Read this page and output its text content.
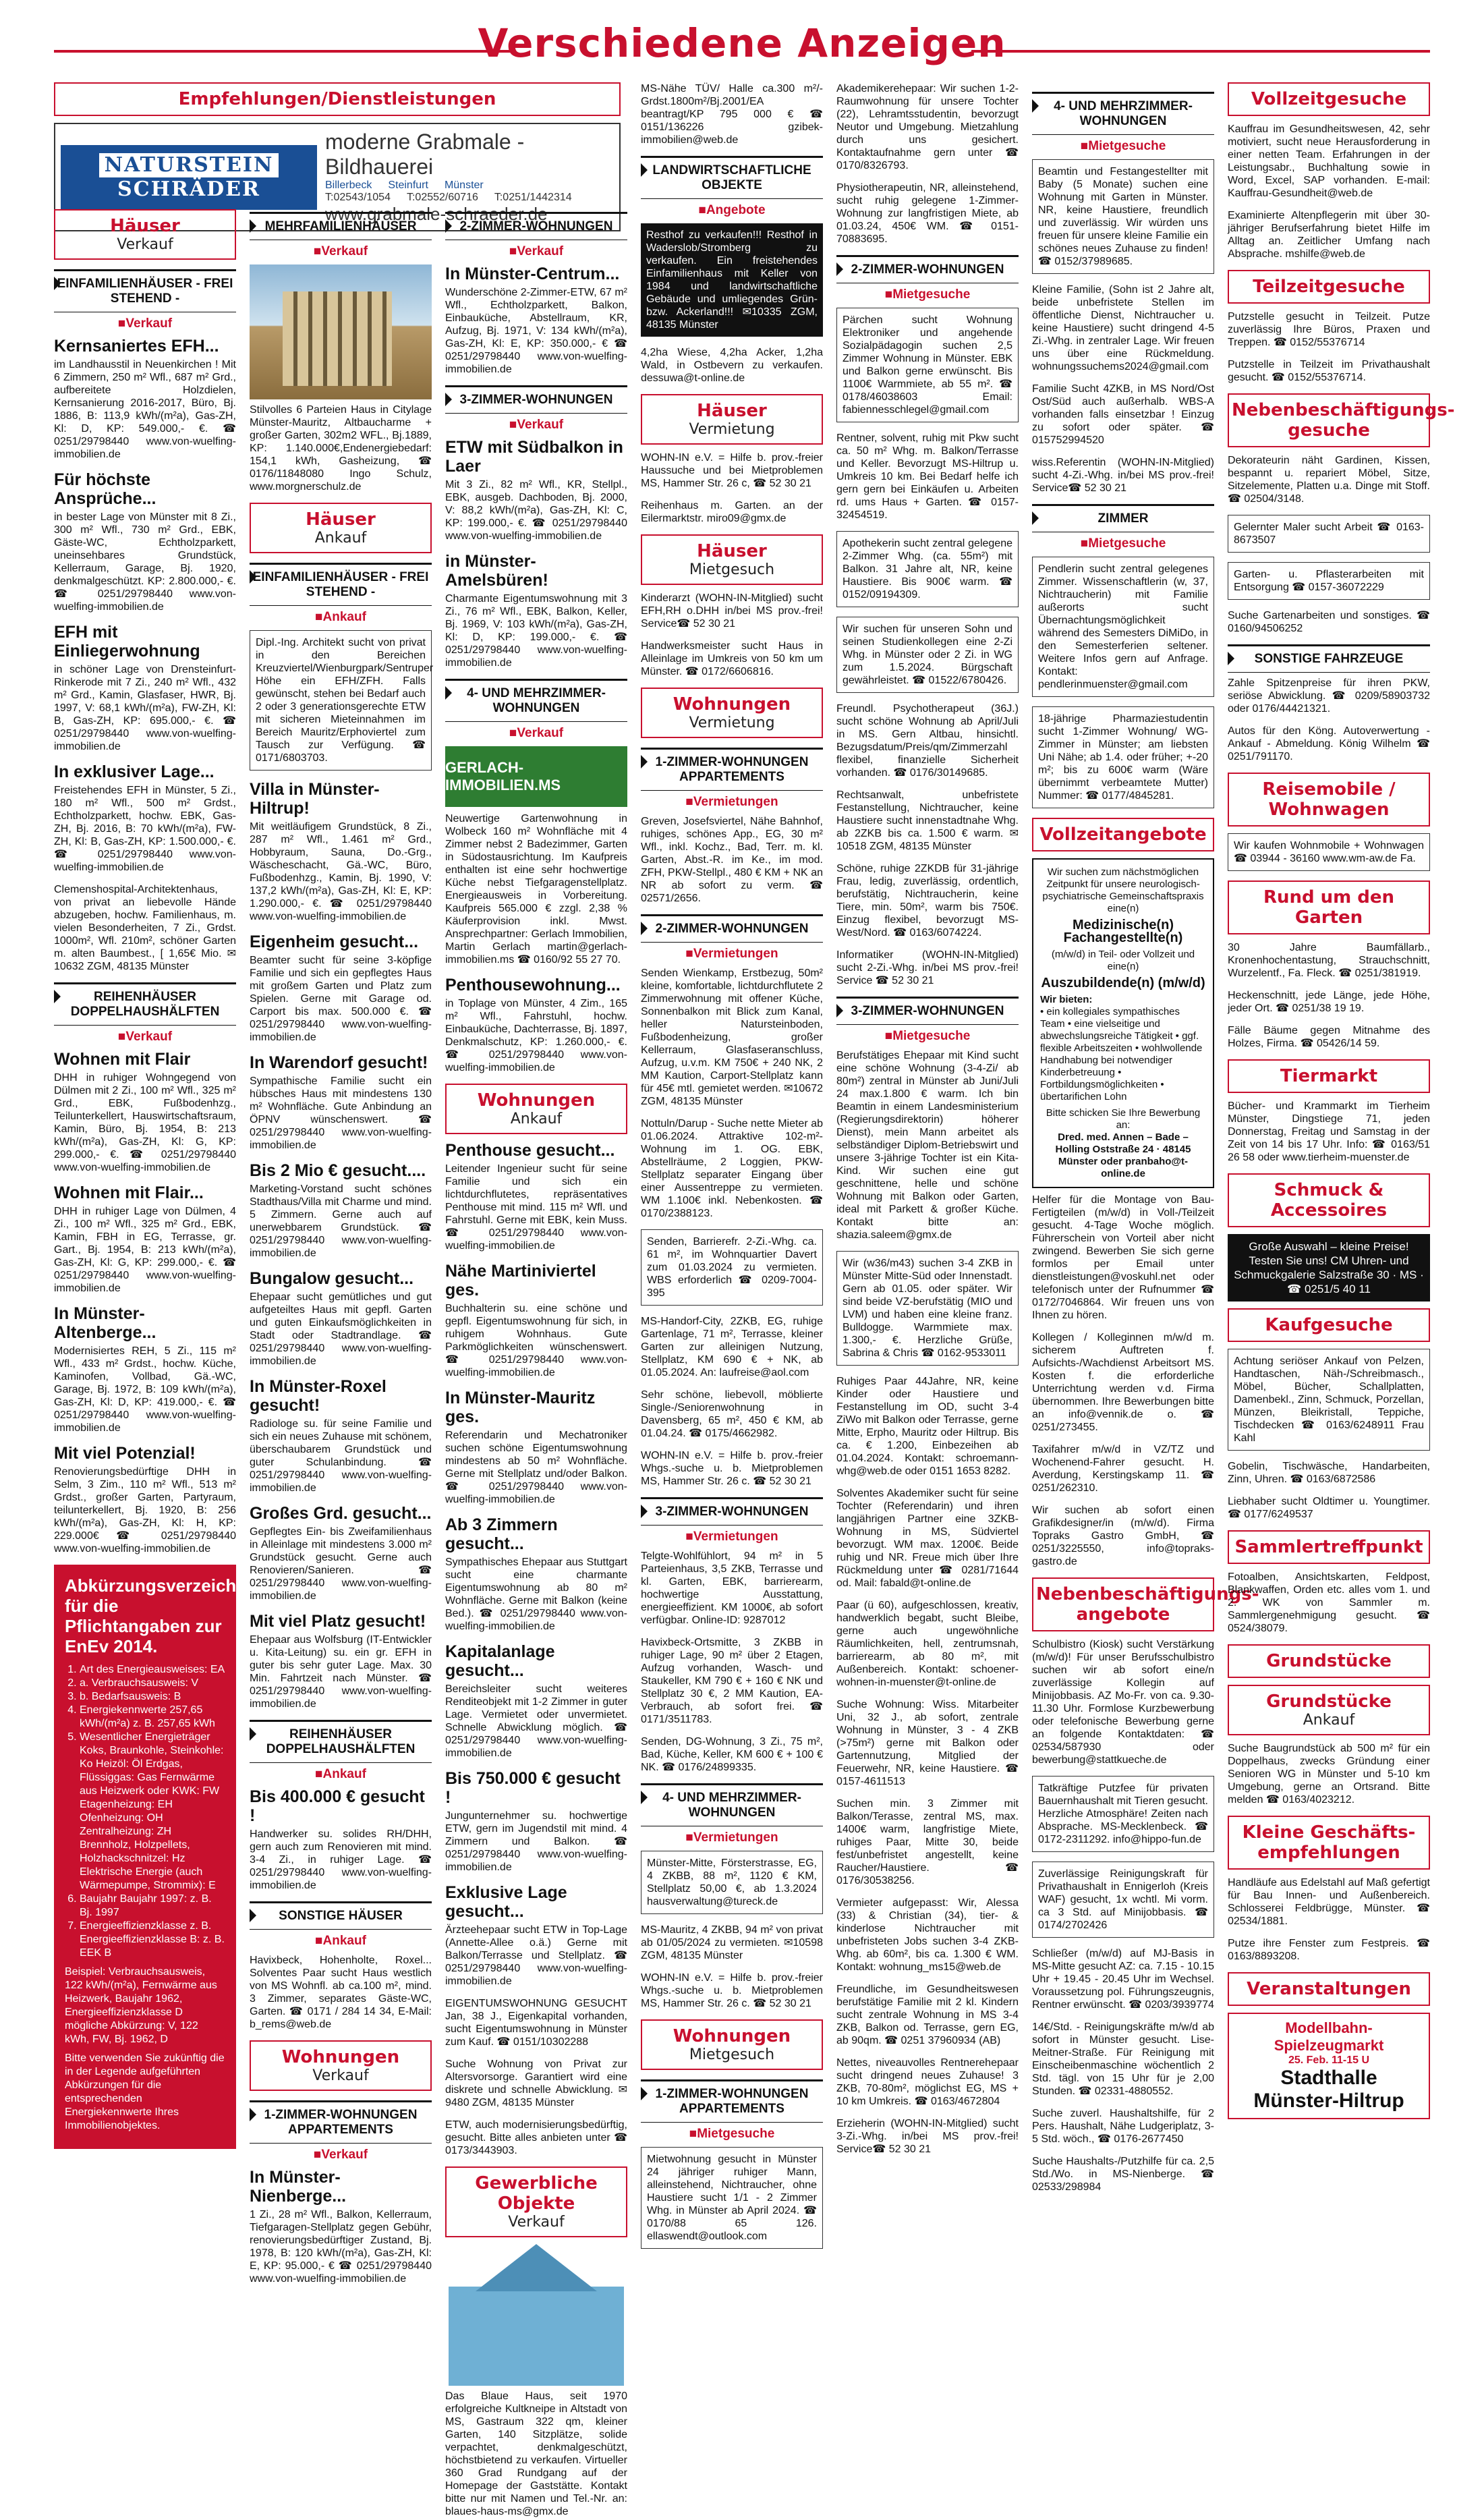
Verschiedene Anzeigen
Empfehlungen/Dienstleistungen
NATURSTEIN
SCHRÄDER
moderne Grabmale - Bildhauerei
Billerbeck Steinfurt Münster
T:02543/1054 T:02552/60716 T:0251/1442314
www.grabmale-schraeder.de
Häuser
Verkauf
EINFAMILIENHÄUSER - FREI STEHEND -
■ Verkauf
Kernsaniertes EFH...

im Landhausstil in Neuenkirchen ! Mit 6 Zimmern, 250 m² Wfl., 687 m² Grd., aufbereitete Holzdielen, Kernsanierung 2016-2017, Büro, Bj. 1886, B: 113,9 kWh/(m²a), Gas-ZH, Kl: D, KP: 549.000,- €. ☎ 0251/29798440 www.von-wuelfing-immobilien.de

Für höchste Ansprüche...

in bester Lage von Münster mit 8 Zi., 300 m² Wfl., 730 m² Grd., EBK, Gäste-WC, Echtholzparkett, uneinsehbares Grundstück, Kellerraum, Garage, Bj. 1920, denkmalgeschützt. KP: 2.800.000,- €. ☎ 0251/29798440 www.von-wuelfing-immobilien.de

EFH mit Einliegerwohnung

in schöner Lage von Drensteinfurt-Rinkerode mit 7 Zi., 240 m² Wfl., 432 m² Grd., Kamin, Glasfaser, HWR, Bj. 1997, V: 68,1 kWh/(m²a), FW-ZH, Kl: B, Gas-ZH, KP: 695.000,- €. ☎ 0251/29798440 www.von-wuelfing-immobilien.de

In exklusiver Lage...

Freistehendes EFH in Münster, 5 Zi., 180 m² Wfl., 500 m² Grdst., Echtholzparkett, hochw. EBK, Gas-ZH, Bj. 2016, B: 70 kWh/(m²a), FW-ZH, Kl: B, Gas-ZH, KP: 1.500.000,- €. ☎ 0251/29798440 www.von-wuelfing-immobilien.de

Clemenshospital-Architektenhaus, von privat an liebevolle Hände abzugeben, hochw. Familienhaus, m. vielen Besonderheiten, 7 Zi., Grdst. 1000m², Wfl. 210m², schöner Garten m. alten Baumbest., [ 1,65€ Mio. ✉10632 ZGM, 48135 Münster

REIHENHÄUSER DOPPELHAUSHÄLFTEN
■ Verkauf
Wohnen mit Flair

DHH in ruhiger Wohngegend von Dülmen mit 2 Zi., 100 m² Wfl., 325 m² Grd., EBK, Fußbodenhzg., Teilunterkellert, Hauswirtschaftsraum, Kamin, Büro, Bj. 1954, B: 213 kWh/(m²a), Gas-ZH, Kl: G, KP: 299.000,- €. ☎ 0251/29798440 www.von-wuelfing-immobilien.de

Wohnen mit Flair...

DHH in ruhiger Lage von Dülmen, 4 Zi., 100 m² Wfl., 325 m² Grd., EBK, Kamin, FBH in EG, Terrasse, gr. Gart., Bj. 1954, B: 213 kWh/(m²a), Gas-ZH, Kl: G, KP: 299.000,- €. ☎ 0251/29798440 www.von-wuelfing-immobilien.de

In Münster-Altenberge...

Modernisiertes REH, 5 Zi., 115 m² Wfl., 433 m² Grdst., hochw. Küche, Kaminofen, Vollbad, Gä.-WC, Garage, Bj. 1972, B: 109 kWh/(m²a), Gas-ZH, Kl: D, KP: 419.000,- €. ☎ 0251/29798440 www.von-wuelfing-immobilien.de

Mit viel Potenzial!

Renovierungsbedürftige DHH in Selm, 3 Zim., 110 m² Wfl., 513 m² Grdst., großer Garten, Partyraum, teilunterkellert, Bj. 1920, B: 256 kWh/(m²a), Gas-ZH, Kl: H, KP: 229.000€ ☎ 0251/29798440 www.von-wuelfing-immobilien.de

Abkürzungsverzeichnis für die Pflichtangaben zur EnEv 2014.
1. Art des Energieausweises: EA
2. a. Verbrauchsausweis: V
3. b. Bedarfsausweis: B
4. Energiekennwerte 257,65 kWh/(m²a) z. B. 257,65 kWh
5. Wesentlicher Energieträger Koks, Braunkohle, Steinkohle: Ko Heizöl: Öl Erdgas, Flüssiggas: Gas Fernwärme aus Heizwerk oder KWK: FW Etagenheizung: EH Ofenheizung: OH Zentralheizung: ZH Brennholz, Holzpellets, Holzhackschnitzel: Hz Elektrische Energie (auch Wärmepumpe, Strommix): E
6. Baujahr Baujahr 1997: z. B. Bj. 1997
7. Energieeffizienzklasse z. B. Energieeffizienzklasse B: z. B. EEK B

Beispiel: Verbrauchsausweis, 122 kWh/(m²a), Fernwärme aus Heizwerk, Baujahr 1962, Energieeffizienzklasse D mögliche Abkürzung: V, 122 kWh, FW, Bj. 1962, D

Bitte verwenden Sie zukünftig die in der Legende aufgeführten Abkürzungen für die entsprechenden Energiekennwerte Ihres Immobilienobjektes.

MEHRFAMILIENHÄUSER
■ Verkauf

Stilvolles 6 Parteien Haus in Citylage Münster-Mauritz, Altbaucharme + großer Garten, 302m2 WFL., Bj.1889, KP: 1.140.000€,Endenergiebedarf: 154,1 kWh, Gasheizung, ☎ 0176/11848080 Ingo Schulz, www.morgnerschulz.de

Häuser
Ankauf
EINFAMILIENHÄUSER - FREI STEHEND -
■ Ankauf

Dipl.-Ing. Architekt sucht von privat in den Bereichen Kreuzviertel/Wienburgpark/Sentruper Höhe ein EFH/ZFH. Falls gewünscht, stehen bei Bedarf auch 2 oder 3 generationsgerechte ETW mit sicheren Mieteinnahmen im Bereich Mauritz/Erphoviertel zum Tausch zur Verfügung. ☎ 0171/6803703.

Villa in Münster-Hiltrup!

Mit weitläufigem Grundstück, 8 Zi., 287 m² Wfl., 1.461 m² Grd., Hobbyraum, Sauna, Do.-Grg., Wäscheschacht, Gä.-WC, Büro, Fußbodenhzg., Kamin, Bj. 1990, V: 137,2 kWh/(m²a), Gas-ZH, Kl: E, KP: 1.290.000,- €. ☎ 0251/29798440 www.von-wuelfing-immobilien.de

Eigenheim gesucht...

Beamter sucht für seine 3-köpfige Familie und sich ein gepflegtes Haus mit großem Garten und Platz zum Spielen. Gerne mit Garage od. Carport bis max. 500.000 €. ☎ 0251/29798440 www.von-wuelfing-immobilien.de

In Warendorf gesucht!

Sympathische Familie sucht ein hübsches Haus mit mindestens 130 m² Wohnfläche. Gute Anbindung an ÖPNV wünschenswert. ☎ 0251/29798440 www.von-wuelfing-immobilien.de

Bis 2 Mio € gesucht....

Marketing-Vorstand sucht schönes Stadthaus/Villa mit Charme und mind. 5 Zimmern. Gerne auch auf unerwebbarem Grundstück. ☎ 0251/29798440 www.von-wuelfing-immobilien.de

Bungalow gesucht...

Ehepaar sucht gemütliches und gut aufgeteiltes Haus mit gepfl. Garten und guten Einkaufsmöglichkeiten in Stadt oder Stadtrandlage. ☎ 0251/29798440 www.von-wuelfing-immobilien.de

In Münster-Roxel gesucht!

Radiologe su. für seine Familie und sich ein neues Zuhause mit schönem, überschaubarem Grundstück und guter Schulanbindung. ☎ 0251/29798440 www.von-wuelfing-immobilien.de

Großes Grd. gesucht...

Gepflegtes Ein- bis Zweifamilienhaus in Alleinlage mit mindestens 3.000 m² Grundstück gesucht. Gerne auch Renovieren/Sanieren. ☎ 0251/29798440 www.von-wuelfing-immobilien.de

Mit viel Platz gesucht!

Ehepaar aus Wolfsburg (IT-Entwickler u. Kita-Leitung) su. ein gr. EFH in guter bis sehr guter Lage. Max. 30 Min. Fahrtzeit nach Münster. ☎ 0251/29798440 www.von-wuelfing-immobilien.de

REIHENHÄUSER DOPPELHAUSHÄLFTEN
■ Ankauf
Bis 400.000 € gesucht !

Handwerker su. solides RH/DHH, gern auch zum Renovieren mit mind. 3-4 Zi., in ruhiger Lage. ☎ 0251/29798440 www.von-wuelfing-immobilien.de

SONSTIGE HÄUSER
■ Ankauf

Havixbeck, Hohenholte, Roxel... Solventes Paar sucht Haus westlich von MS Wohnfl. ab ca.100 m², mind. 3 Zimmer, separates Gäste-WC, Garten. ☎ 0171 / 284 14 34, E-Mail: b_rems@web.de

Wohnungen
Verkauf
1-ZIMMER-WOHNUNGEN APPARTEMENTS
■ Verkauf
In Münster-Nienberge...

1 Zi., 28 m² Wfl., Balkon, Kellerraum, Tiefgaragen-Stellplatz gegen Gebühr, renovierungsbedürftiger Zustand, Bj. 1978, B: 120 kWh/(m²a), Gas-ZH, Kl: E, KP: 95.000,- € ☎ 0251/29798440 www.von-wuelfing-immobilien.de

2-ZIMMER-WOHNUNGEN
■ Verkauf
In Münster-Centrum...

Wunderschöne 2-Zimmer-ETW, 67 m² Wfl., Echtholzparkett, Balkon, Einbauküche, Abstellraum, KR, Aufzug, Bj. 1971, V: 134 kWh/(m²a), Gas-ZH, Kl: E, KP: 350.000,- € ☎ 0251/29798440 www.von-wuelfing-immobilien.de

3-ZIMMER-WOHNUNGEN
■ Verkauf
ETW mit Südbalkon in Laer

Mit 3 Zi., 82 m² Wfl., KR, Stellpl., EBK, ausgeb. Dachboden, Bj. 2000, V: 88,2 kWh/(m²a), Gas-ZH, Kl: C, KP: 199.000,- €. ☎ 0251/29798440 www.von-wuelfing-immobilien.de

in Münster-Amelsbüren!

Charmante Eigentumswohnung mit 3 Zi., 76 m² Wfl., EBK, Balkon, Keller, Bj. 1969, V: 103 kWh/(m²a), Gas-ZH, Kl: D, KP: 199.000,- €. ☎ 0251/29798440 www.von-wuelfing-immobilien.de

4- UND MEHRZIMMER-WOHNUNGEN
■ Verkauf
GERLACH- IMMOBILIEN.MS

Neuwertige Gartenwohnung in Wolbeck 160 m² Wohnfläche mit 4 Zimmer nebst 2 Badezimmer, Garten in Südostausrichtung. Im Kaufpreis enthalten ist eine sehr hochwertige Küche nebst Tiefgaragenstellplatz. Energieausweis in Vorbereitung. Kaufpreis 565.000 € zzgl. 2,38 % Käuferprovision inkl. Mwst. Ansprechpartner: Gerlach Immobilien, Martin Gerlach martin@gerlach-immobilien.ms ☎ 0160/92 55 27 70.

Penthousewohnung...

in Toplage von Münster, 4 Zim., 165 m² Wfl., Fahrstuhl, hochw. Einbauküche, Dachterrasse, Bj. 1897, Denkmalschutz, KP: 1.260.000,- €. ☎ 0251/29798440 www.von-wuelfing-immobilien.de

Wohnungen
Ankauf
Penthouse gesucht...

Leitender Ingenieur sucht für seine Familie und sich ein lichtdurchflutetes, repräsentatives Penthouse mit mind. 115 m² Wfl. und Fahrstuhl. Gerne mit EBK, kein Muss. ☎ 0251/29798440 www.von-wuelfing-immobilien.de

Nähe Martiniviertel ges.

Buchhalterin su. eine schöne und gepfl. Eigentumswohnung für sich, in ruhigem Wohnhaus. Gute Parkmöglichkeiten wünschenswert. ☎ 0251/29798440 www.von-wuelfing-immobilien.de

In Münster-Mauritz ges.

Referendarin und Mechatroniker suchen schöne Eigentumswohnung mindestens ab 50 m² Wohnfläche. Gerne mit Stellplatz und/oder Balkon. ☎ 0251/29798440 www.von-wuelfing-immobilien.de

Ab 3 Zimmern gesucht...

Sympathisches Ehepaar aus Stuttgart sucht eine charmante Eigentumswohnung ab 80 m² Wohnfläche. Gerne mit Balkon (keine Bed.). ☎ 0251/29798440 www.von-wuelfing-immobilien.de

Kapitalanlage gesucht...

Bereichsleiter sucht weiteres Renditeobjekt mit 1-2 Zimmer in guter Lage. Vermietet oder unvermietet. Schnelle Abwicklung möglich. ☎ 0251/29798440 www.von-wuelfing-immobilien.de

Bis 750.000 € gesucht !

Jungunternehmer su. hochwertige ETW, gern im Jugendstil mit mind. 4 Zimmern und Balkon. ☎ 0251/29798440 www.von-wuelfing-immobilien.de

Exklusive Lage gesucht...

Ärzteehepaar sucht ETW in Top-Lage (Annette-Allee o.ä.) Gerne mit Balkon/Terrasse und Stellplatz. ☎ 0251/29798440 www.von-wuelfing-immobilien.de

EIGENTUMSWOHNUNG GESUCHT Jan, 38 J., Eigenkapital vorhanden, sucht Eigentumswohnung in Münster zum Kauf. ☎ 0151/10302288

Suche Wohnung von Privat zur Altersvorsorge. Garantiert wird eine diskrete und schnelle Abwicklung. ✉9480 ZGM, 48135 Münster

ETW, auch modernisierungsbedürftig, gesucht. Bitte alles anbieten unter ☎ 0173/3443903.

Gewerbliche Objekte
Verkauf

Das Blaue Haus, seit 1970 erfolgreiche Kultkneipe in Altstadt von MS, Gastraum 322 qm, kleiner Garten, 140 Sitzplätze, solide verpachtet, denkmalgeschützt, höchstbietend zu verkaufen. Virtueller 360 Grad Rundgang auf der Homepage der Gaststätte. Kontakt bitte nur mit Namen und Tel.-Nr. an: blaues-haus-ms@gmx.de

MS-Nähe TÜV/ Halle ca.300 m²/-Grdst.1800m²/Bj.2001/EA beantragt/KP 795 000 € ☎ 0151/136226 gzibek-immobilien@web.de

LANDWIRTSCHAFTLICHE OBJEKTE
■ Angebote

Resthof zu verkaufen!!! Resthof in Waderslob/Stromberg zu verkaufen. Ein freistehendes Einfamilienhaus mit Keller von 1984 und landwirtschaftliche Gebäude und umliegendes Grün- bzw. Ackerland!!! ✉10335 ZGM, 48135 Münster

4,2ha Wiese, 4,2ha Acker, 1,2ha Wald, in Ostbevern zu verkaufen. dessuwa@t-online.de

Häuser
Vermietung

WOHN-IN e.V. = Hilfe b. prov.-freier Haussuche und bei Mietproblemen MS, Hammer Str. 26 c, ☎ 52 30 21

Reihenhaus m. Garten. an der Eilermarktstr. miro09@gmx.de

Häuser
Mietgesuch

Kinderarzt (WOHN-IN-Mitglied) sucht EFH,RH o.DHH in/bei MS prov.-frei! Service☎ 52 30 21

Handwerksmeister sucht Haus in Alleinlage im Umkreis von 50 km um Münster. ☎ 0172/6606816.

Wohnungen
Vermietung
1-ZIMMER-WOHNUNGEN APPARTEMENTS
■ Vermietungen

Greven, Josefsviertel, Nähe Bahnhof, ruhiges, schönes App., EG, 30 m² Wfl., inkl. Kochz., Bad, Terr. m. kl. Garten, Abst.-R. im Ke., im mod. ZFH, PKW-Stellpl., 480 € KM + NK an NR ab sofort zu verm. ☎ 02571/2656.

2-ZIMMER-WOHNUNGEN
■ Vermietungen

Senden Wienkamp, Erstbezug, 50m² kleine, komfortable, lichtdurchflutete 2 Zimmerwohnung mit offener Küche, Sonnenbalkon mit Blick zum Kanal, heller Natursteinboden, Fußbodenheizung, großer Kellerraum, Glasfaseranschluss, Aufzug, u.v.m. KM 750€ + 240 NK, 2 MM Kaution, Carport-Stellplatz kann für 45€ mtl. gemietet werden. ✉10672 ZGM, 48135 Münster

Nottuln/Darup - Suche nette Mieter ab 01.06.2024. Attraktive 102-m²-Wohnung im 1. OG. EBK, Abstellräume, 2 Loggien, PKW-Stellplatz separater Eingang über einer Aussentreppe zu vermieten. WM 1.100€ inkl. Nebenkosten. ☎ 0170/2388123.

Senden, Barrierefr. 2-Zi.-Whg. ca. 61 m², im Wohnquartier Davert zum 01.03.2024 zu vermieten. WBS erforderlich ☎ 0209-7004-395

MS-Handorf-City, 2ZKB, EG, ruhige Gartenlage, 71 m², Terrasse, kleiner Garten zur alleinigen Nutzung, Stellplatz, KM 690 € + NK, ab 01.05.2024. An: laufreise@aol.com

Sehr schöne, liebevoll, möblierte Single-/Seniorenwohnung in Davensberg, 65 m², 450 € KM, ab 01.04.24. ☎ 0175/4662982.

WOHN-IN e.V. = Hilfe b. prov.-freier Whgs.-suche u. b. Mietproblemen MS, Hammer Str. 26 c. ☎ 52 30 21

3-ZIMMER-WOHNUNGEN
■ Vermietungen

Telgte-Wohlfühlort, 94 m² in 5 Parteienhaus, 3,5 ZKB, Terrasse und kl. Garten, EBK, barrierearm, hochwertige Ausstattung, energieeffizient. KM 1000€, ab sofort verfügbar. Online-ID: 9287012

Havixbeck-Ortsmitte, 3 ZKBB in ruhiger Lage, 90 m² über 2 Etagen, Aufzug vorhanden, Wasch- und Staukeller, KM 790 € + 160 € NK und Stellplatz 30 €, 2 MM Kaution, EA-Verbrauch, ab sofort frei. ☎ 0171/3511783.

Senden, DG-Wohnung, 3 Zi., 75 m², Bad, Küche, Keller, KM 600 € + 100 € NK. ☎ 0176/24899335.

4- UND MEHRZIMMER-WOHNUNGEN
■ Vermietungen

Münster-Mitte, Försterstrasse, EG, 4 ZKBB, 88 m², 1120 € KM, Stellplatz 50,00 €, ab 1.3.2024 hausverwaltung@tureck.de

MS-Mauritz, 4 ZKBB, 94 m² von privat ab 01/05/2024 zu vermieten. ✉10598 ZGM, 48135 Münster

WOHN-IN e.V. = Hilfe b. prov.-freier Whgs.-suche u. b. Mietproblemen MS, Hammer Str. 26 c. ☎ 52 30 21

Wohnungen
Mietgesuch
1-ZIMMER-WOHNUNGEN APPARTEMENTS
■ Mietgesuche

Mietwohnung gesucht in Münster 24 jähriger ruhiger Mann, alleinstehend, Nichtraucher, ohne Haustiere sucht 1/1 - 2 Zimmer Whg. in Münster ab April 2024. ☎ 0170/88 65 126. ellaswendt@outlook.com

Akademikerehepaar: Wir suchen 1-2-Raumwohnung für unsere Tochter (22), Lehramtsstudentin, bevorzugt Neutor und Umgebung. Mietzahlung durch uns gesichert. Kontaktaufnahme gern unter ☎ 0170/8326793.

Physiotherapeutin, NR, alleinstehend, sucht ruhig gelegene 1-Zimmer-Wohnung zur langfristigen Miete, ab 01.03.24, 450€ WM. ☎ 0151-70883695.

2-ZIMMER-WOHNUNGEN
■ Mietgesuche

Pärchen sucht Wohnung Elektroniker und angehende Sozialpädagogin suchen 2,5 Zimmer Wohnung in Münster. EBK und Balkon gerne erwünscht. Bis 1100€ Warmmiete, ab 55 m². ☎ 0178/46038603 Email: fabiennesschlegel@gmail.com

Rentner, solvent, ruhig mit Pkw sucht ca. 50 m² Whg. m. Balkon/Terrasse und Keller. Bevorzugt MS-Hiltrup u. Umkreis 10 km. Bei Bedarf helfe ich gern gern bei Einkäufen u. Arbeiten rd. ums Haus + Garten. ☎ 0157-32454519.

Apothekerin sucht zentral gelegene 2-Zimmer Whg. (ca. 55m²) mit Balkon. 31 Jahre alt, NR, keine Haustiere. Bis 900€ warm. ☎ 0152/09194309.

Wir suchen für unseren Sohn und seinen Studienkollegen eine 2-Zi Whg. in Münster oder 2 Zi. in WG zum 1.5.2024. Bürgschaft gewährleistet. ☎ 01522/6780426.

Freundl. Psychotherapeut (36J.) sucht schöne Wohnung ab April/Juli in MS. Gern Altbau, hinsichtl. Bezugsdatum/Preis/qm/Zimmerzahl flexibel, finanzielle Sicherheit vorhanden. ☎ 0176/30149685.

Rechtsanwalt, unbefristete Festanstellung, Nichtraucher, keine Haustiere sucht innenstadtnahe Whg. ab 2ZKB bis ca. 1.500 € warm. ✉10518 ZGM, 48135 Münster

Schöne, ruhige 2ZKDB für 31-jährige Frau, ledig, zuverlässig, ordentlich, berufstätig, Nichtraucherin, keine Tiere, min. 50m², warm bis 750€. Einzug flexibel, bevorzugt MS-West/Nord. ☎ 0163/6074224.

Informatiker (WOHN-IN-Mitglied) sucht 2-Zi.-Whg. in/bei MS prov.-frei! Service ☎ 52 30 21

3-ZIMMER-WOHNUNGEN
■ Mietgesuche

Berufstätiges Ehepaar mit Kind sucht eine schöne Wohnung (3-4-Zi/ ab 80m²) zentral in Münster ab Juni/Juli 24 max.1.800 € warm. Ich bin Beamtin in einem Landesministerium (Regierungsdirektorin) höherer Dienst), mein Mann arbeitet als selbständiger Diplom-Betriebswirt und unsere 3-jährige Tochter ist ein Kita-Kind. Wir suchen eine gut geschnittene, helle und schöne Wohnung mit Balkon oder Garten, ideal mit Parkett & großer Küche. Kontakt bitte an: shazia.saleem@gmx.de

Wir (w36/m43) suchen 3-4 ZKB in Münster Mitte-Süd oder Innenstadt. Gern ab 01.05. oder später. Wir sind beide VZ-berufstätig (MIO und LVM) und haben eine kleine franz. Bulldogge. Warmmiete max. 1.300,- €. Herzliche Grüße, Sabrina & Chris ☎ 0162-9533011

Ruhiges Paar 44Jahre, NR, keine Kinder oder Haustiere und Festanstellung im OD, sucht 3-4 ZiWo mit Balkon oder Terrasse, gerne Mitte, Erpho, Mauritz oder Hiltrup. Bis ca. € 1.200, Einbezeihen ab 01.04.2024. Kontakt: schroemann-whg@web.de oder 0151 1653 8282.

Solventes Akademiker sucht für seine Tochter (Referendarin) und ihren langjährigen Partner eine 3ZKB-Wohnung in MS, Südviertel bevorzugt. WM max. 1200€. Beide ruhig und NR. Freue mich über Ihre Rückmeldung unter ☎ 0281/71644 od. Mail: fabald@t-online.de

Paar (ü 60), aufgeschlossen, kreativ, handwerklich begabt, sucht Bleibe, gerne auch ungewöhnliche Räumlichkeiten, hell, zentrumsnah, barrierearm, ab 80 m², mit Außenbereich. Kontakt: schoener-wohnen-in-muenster@t-online.de

Suche Wohnung: Wiss. Mitarbeiter Uni, 32 J., ab sofort, zentrale Wohnung in Münster, 3 - 4 ZKB (>75m²) gerne mit Balkon oder Gartennutzung, Mitglied der Feuerwehr, NR, keine Haustiere. ☎ 0157-4611513

Suchen min. 3 Zimmer mit Balkon/Terasse, zentral MS, max. 1400€ warm, langfristige Miete, ruhiges Paar, Mitte 30, beide fest/unbefristet angestellt, keine Raucher/Haustiere. ☎ 0176/30538256.

Vermieter aufgepasst: Wir, Alessa (33) & Christian (34), tier- & kinderlose Nichtraucher mit unbefristeten Jobs suchen 3-4 ZKB-Whg. ab 60m², bis ca. 1.300 € WM. Kontakt: wohnung_ms15@web.de

Freundliche, im Gesundheitswesen berufstätige Familie mit 2 kl. Kindern sucht zentrale Wohnung in MS 3-4 ZKB, Balkon od. Terrasse, gern EG, ab 90qm. ☎ 0251 37960934 (AB)

Nettes, niveauvolles Rentnerehepaar sucht dringend neues Zuhause! 3 ZKB, 70-80m², möglichst EG, MS + 10 km Umkreis. ☎ 0163/4672804

Erzieherin (WOHN-IN-Mitglied) sucht 3-Zi.-Whg. in/bei MS prov.-frei! Service☎ 52 30 21

4- UND MEHRZIMMER-WOHNUNGEN
■ Mietgesuche

Beamtin und Festangestellter mit Baby (5 Monate) suchen eine Wohnung mit Garten in Münster. NR, keine Haustiere, freundlich und zuverlässig. Wir würden uns freuen für unsere kleine Familie ein schönes neues Zuhause zu finden! ☎ 0152/37989685.

Kleine Familie, (Sohn ist 2 Jahre alt, beide unbefristete Stellen im öffentliche Dienst, Nichtraucher u. keine Haustiere) sucht dringend 4-5 Zi.-Whg. in zentraler Lage. Wir freuen uns über eine Rückmeldung. wohnungssuchems2024@gmail.com

Familie Sucht 4ZKB, in MS Nord/Ost Ost/Süd auch außerhalb. WBS-A vorhanden falls einsetzbar ! Einzug zu sofort oder später. ☎ 015752994520

wiss.Referentin (WOHN-IN-Mitglied) sucht 4-Zi.-Whg. in/bei MS prov.-frei! Service☎ 52 30 21

ZIMMER
■ Mietgesuche

Pendlerin sucht zentral gelegenes Zimmer. Wissenschaftlerin (w, 37, Nichtraucherin) mit Familie außerorts sucht Übernachtungsmöglichkeit während des Semesters DiMiDo, in den Semesterferien seltener. Weitere Infos gern auf Anfrage. Kontakt: pendlerinmuenster@gmail.com

18-jährige Pharmaziestudentin sucht 1-Zimmer Wohnung/ WG-Zimmer in Münster; am liebsten Uni Nähe; ab 1.4. oder früher; +-20 m²; bis zu 600€ warm (Wäre übernimmt verbeamtete Mutter) Nummer: ☎ 0177/4845281.

Vollzeitangebote
Wir suchen zum nächstmöglichen Zeitpunkt für unsere neurologisch-psychiatrische Gemeinschaftspraxis eine(n)
Medizinische(n) Fachangestellte(n)
(m/w/d) in Teil- oder Vollzeit und eine(n)
Auszubildende(n) (m/w/d)
Wir bieten:
• ein kollegiales sympathisches Team • eine vielseitige und abwechslungsreiche Tätigkeit • ggf. flexible Arbeitszeiten • wohlwollende Handhabung bei notwendiger Kinderbetreuung • Fortbildungsmöglichkeiten • übertarifichen Lohn
Bitte schicken Sie Ihre Bewerbung an:
Dred. med. Annen – Bade – Holling Oststraße 24 · 48145 Münster oder pranbaho@t-online.de

Helfer für die Montage von Bau-Fertigteilen (m/w/d) in Voll-/Teilzeit gesucht. 4-Tage Woche möglich. Führerschein von Vorteil aber nicht zwingend. Bewerben Sie sich gerne formlos per Email unter dienstleistungen@voskuhl.net oder telefonisch unter der Rufnummer ☎ 0172/7046864. Wir freuen uns von Ihnen zu hören.

Kollegen / Kolleginnen m/w/d m. sicherem Auftreten f. Aufsichts-/Wachdienst Arbeitsort MS. Kosten f. die erforderliche Unterrichtung werden v.d. Firma übernommen. Ihre Bewerbungen bitte an info@vennik.de o. ☎ 0251/273455.

Taxifahrer m/w/d in VZ/TZ und Wochenend-Fahrer gesucht. H. Averdung, Kerstingskamp 11. ☎ 0251/262310.

Wir suchen ab sofort einen Grafikdesigner/in (m/w/d). Firma Topraks Gastro GmbH, ☎ 0251/3225550, info@topraks-gastro.de

Nebenbeschäftigungs-angebote

Schulbistro (Kiosk) sucht Verstärkung (m/w/d)! Für unser Berufsschulbistro suchen wir ab sofort eine/n zuverlässige Kollegin auf Minijobbasis. AZ Mo-Fr. von ca. 9.30-11.30 Uhr. Formlose Kurzbewerbung oder telefonische Bewerbung gerne an folgende Kontaktdaten: ☎ 02534/587930 oder bewerbung@stattkueche.de

Tatkräftige Putzfee für privaten Bauernhaushalt mit Tieren gesucht. Herzliche Atmosphäre! Zeiten nach Absprache. MS-Mecklenbeck. ☎ 0172-2311292. info@hippo-fun.de

Zuverlässige Reinigungskraft für Privathaushalt in Ennigerloh (Kreis WAF) gesucht, 1x wchtl. Mi vorm. ca 3 Std. auf Minijobbasis. ☎ 0174/2702426

Schließer (m/w/d) auf MJ-Basis in MS-Mitte gesucht AZ: ca. 7.15 - 10.15 Uhr + 19.45 - 20.45 Uhr im Wechsel. Voraussetzung pol. Führungszeugnis, Rentner erwünscht. ☎ 0203/3939774

14€/Std. - Reinigungskräfte m/w/d ab sofort in Münster gesucht. Lise-Meitner-Straße. Für Reinigung mit Einscheibenmaschine wöchentlich 2 Std. tägl. von 15 Uhr für je 2,00 Stunden. ☎ 02331-4880552.

Suche zuverl. Haushaltshilfe, für 2 Pers. Haushalt, Nähe Ludgeriplatz, 3-5 Std. wöch., ☎ 0176-2677450

Suche Haushalts-/Putzhilfe für ca. 2,5 Std./Wo. in MS-Nienberge. ☎ 02533/298984

Vollzeitgesuche

Kauffrau im Gesundheitswesen, 42, sehr motiviert, sucht neue Herausforderung in einer netten Team. Erfahrungen in der Leistungsabr., Buchhaltung sowie in Word, Excel, SAP vorhanden. E-mail: Kauffrau-Gesundheit@web.de

Examinierte Altenpflegerin mit über 30-jähriger Berufserfahrung bietet Hilfe im Alltag an. Zeitlicher Umfang nach Absprache. mshilfe@web.de

Teilzeitgesuche

Putzstelle gesucht in Teilzeit. Putze zuverlässig Ihre Büros, Praxen und Treppen. ☎ 0152/55376714

Putzstelle in Teilzeit im Privathaushalt gesucht. ☎ 0152/55376714.

Nebenbeschäftigungs-gesuche

Dekorateurin näht Gardinen, Kissen, bespannt u. repariert Möbel, Sitze, Sitzelemente, Platten u.a. Dinge mit Stoff. ☎ 02504/3148.

Gelernter Maler sucht Arbeit ☎ 0163-8673507

Garten- u. Pflasterarbeiten mit Entsorgung ☎ 0157-36072229

Suche Gartenarbeiten und sonstiges. ☎ 0160/94506252

SONSTIGE FAHRZEUGE

Zahle Spitzenpreise für ihren PKW, seriöse Abwicklung. ☎ 0209/58903732 oder 0176/44421321.

Autos für den Köng. Autoverwertung - Ankauf - Abmeldung. König Wilhelm ☎ 0251/791170.

Reisemobile / Wohnwagen

Wir kaufen Wohnmobile + Wohnwagen ☎ 03944 - 36160 www.wm-aw.de Fa.

Rund um den Garten

30 Jahre Baumfällarb., Kronenhochentastung, Strauchschnitt, Wurzelentf., Fa. Fleck. ☎ 0251/381919.

Heckenschnitt, jede Länge, jede Höhe, jeder Ort. ☎ 0251/38 19 19.

Fälle Bäume gegen Mitnahme des Holzes, Firma. ☎ 05426/14 59.

Tiermarkt

Bücher- und Krammarkt im Tierheim Münster, Dingstiege 71, jeden Donnerstag, Freitag und Samstag in der Zeit von 14 bis 17 Uhr. Info: ☎ 0163/51 26 58 oder www.tierheim-muenster.de

Schmuck & Accessoires
Große Auswahl – kleine Preise! Testen Sie uns! CM Uhren- und Schmuckgalerie Salzstraße 30 · MS · ☎ 0251/5 40 11
Kaufgesuche

Achtung seriöser Ankauf von Pelzen, Handtaschen, Näh-/Schreibmasch., Möbel, Bücher, Schallplatten, Damenbekl., Zinn, Schmuck, Porzellan, Münzen, Bleikristall, Teppiche, Tischdecken ☎ 0163/6248911 Frau Kahl

Gobelin, Tischwäsche, Handarbeiten, Zinn, Uhren. ☎ 0163/6872586

Liebhaber sucht Oldtimer u. Youngtimer. ☎ 0177/6249537

Sammlertreffpunkt

Fotoalben, Ansichtskarten, Feldpost, Blankwaffen, Orden etc. alles vom 1. und 2. WK von Sammler m. Sammlergenehmigung gesucht. ☎ 0524/38079.

Grundstücke
Grundstücke
Ankauf

Suche Baugrundstück ab 500 m² für ein Doppelhaus, zwecks Gründung einer Senioren WG in Münster und 5-10 km Umgebung, gerne an Ortsrand. Bitte melden ☎ 0163/4023212.

Kleine Geschäfts-empfehlungen

Handläufe aus Edelstahl auf Maß gefertigt für Bau Innen- und Außenbereich. Schlosserei Feldbrügge, Münster. ☎ 02534/1881.

Putze ihre Fenster zum Festpreis. ☎ 0163/8893208.

Veranstaltungen
Modellbahn-Spielzeugmarkt
25. Feb. 11-15 U
Stadthalle
Münster-Hiltrup
